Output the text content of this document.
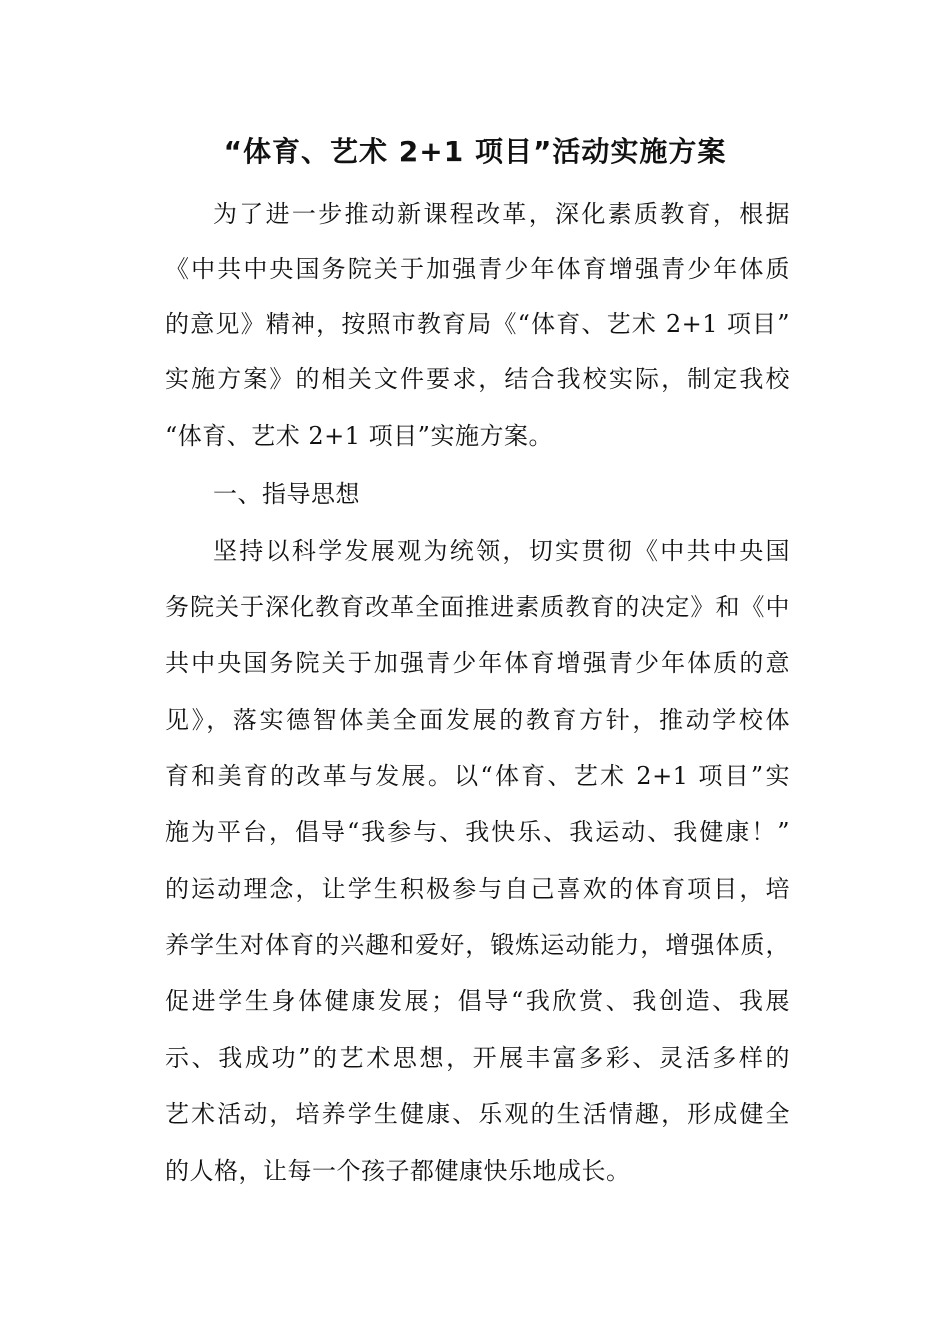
“体育、艺术 2+1 项目”活动实施方案
为了进一步推动新课程改革，深化素质教育，根据
《中共中央国务院关于加强青少年体育增强青少年体质
的意见》精神，按照市教育局《“体育、艺术 2+1 项目”
实施方案》的相关文件要求，结合我校实际，制定我校
“体育、艺术 2+1 项目”实施方案。
一、指导思想
坚持以科学发展观为统领，切实贯彻《中共中央国
务院关于深化教育改革全面推进素质教育的决定》和《中
共中央国务院关于加强青少年体育增强青少年体质的意
见》，落实德智体美全面发展的教育方针，推动学校体
育和美育的改革与发展。以“体育、艺术 2+1 项目”实
施为平台，倡导“我参与、我快乐、我运动、我健康！”
的运动理念，让学生积极参与自己喜欢的体育项目，培
养学生对体育的兴趣和爱好，锻炼运动能力，增强体质，
促进学生身体健康发展；倡导“我欣赏、我创造、我展
示、我成功”的艺术思想，开展丰富多彩、灵活多样的
艺术活动，培养学生健康、乐观的生活情趣，形成健全
的人格，让每一个孩子都健康快乐地成长。
